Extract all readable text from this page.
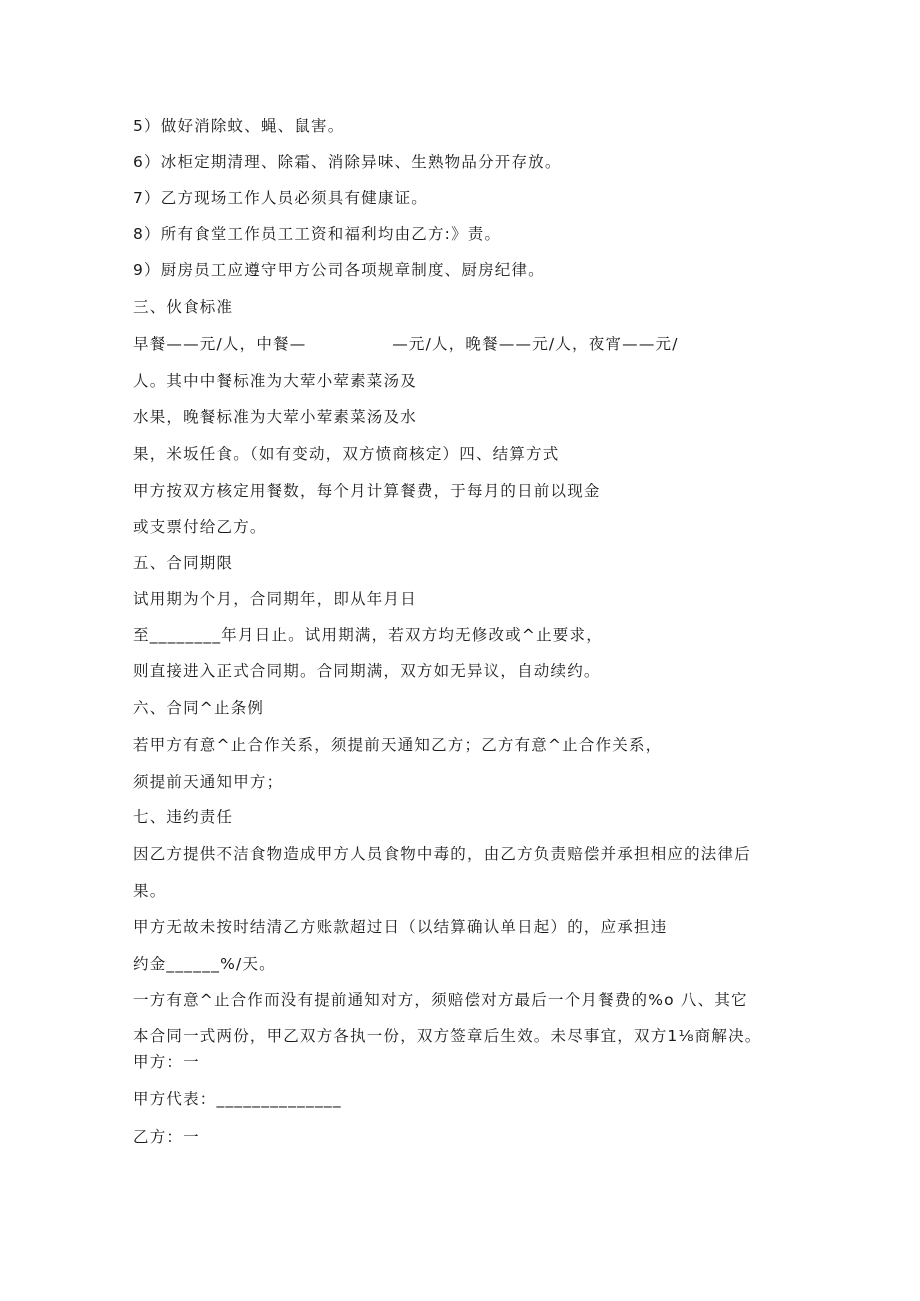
5）做好消除蚊、蝇、鼠害。
6）冰柜定期清理、除霜、消除异味、生熟物品分开存放。
7）乙方现场工作人员必须具有健康证。
8）所有食堂工作员工工资和福利均由乙方:》责。
9）厨房员工应遵守甲方公司各项规章制度、厨房纪律。
三、伙食标准
早餐——元/人，中餐—              —元/人，晚餐——元/人，夜宵——元/
人。其中中餐标准为大荤小荤素菜汤及
水果，晚餐标准为大荤小荤素菜汤及水
果，米坂任食。（如有变动，双方愤商核定）四、结算方式
甲方按双方核定用餐数，每个月计算餐费，于每月的日前以现金
或支票付给乙方。
五、合同期限
试用期为个月，合同期年，即从年月日
至________年月日止。试用期满，若双方均无修改或^止要求，
则直接进入正式合同期。合同期满，双方如无异议，自动续约。
六、合同^止条例
若甲方有意^止合作关系，须提前天通知乙方；乙方有意^止合作关系，
须提前天通知甲方；
七、违约责任
因乙方提供不洁食物造成甲方人员食物中毒的，由乙方负责赔偿并承担相应的法律后
果。
甲方无故未按时结清乙方账款超过日（以结算确认单日起）的，应承担违
约金______%/天。
一方有意^止合作而没有提前通知对方，须赔偿对方最后一个月餐费的%o 八、其它
本合同一式两份，甲乙双方各执一份，双方签章后生效。未尽事宜，双方1⅛商解决。
甲方：一
甲方代表：______________
乙方：一
